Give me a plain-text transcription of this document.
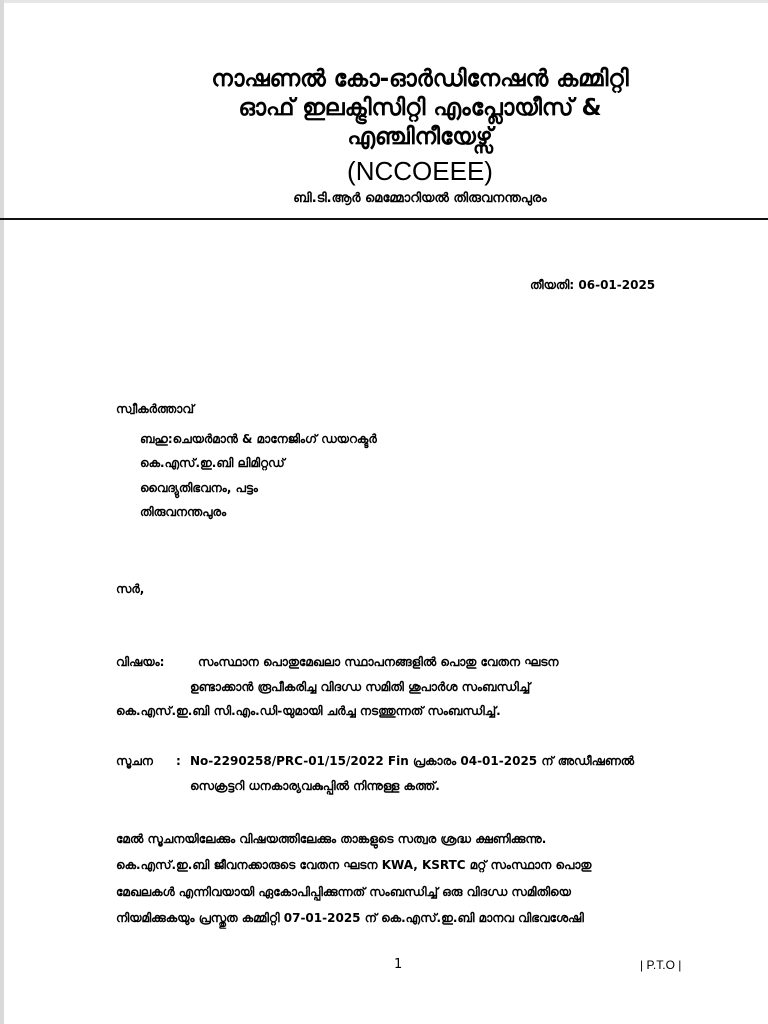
നാഷണൽ കോ-ഓർഡിനേഷൻ കമ്മിറ്റി
ഓഫ് ഇലക്ട്രിസിറ്റി എംപ്ലോയീസ് &
എഞ്ചിനീയേഴ്സ്
(NCCOEEE)
ബി.ടി.ആർ മെമ്മോറിയൽ തിരുവനന്തപുരം
തീയതി: 06-01-2025
സ്വീകർത്താവ്
ബഹു:ചെയർമാൻ & മാനേജിംഗ് ഡയറക്ടർ
കെ.എസ്.ഇ.ബി ലിമിറ്റഡ്
വൈദ്യുതിഭവനം, പട്ടം
തിരുവനന്തപുരം
സർ,
വിഷയം:	സംസ്ഥാന പൊതുമേഖലാ സ്ഥാപനങ്ങളിൽ പൊതു വേതന ഘടന
ഉണ്ടാക്കാൻ രൂപീകരിച്ച വിദഗ്ധ സമിതി ശുപാർശ സംബന്ധിച്ച്
കെ.എസ്.ഇ.ബി സി.എം.ഡി-യുമായി ചർച്ച നടത്തുന്നത് സംബന്ധിച്ച്.
സൂചന : No-2290258/PRC-01/15/2022 Fin പ്രകാരം 04-01-2025 ന് അഡീഷണൽ
സെക്രട്ടറി ധനകാര്യവകുപ്പിൽ നിന്നുള്ള കത്ത്.
മേൽ സൂചനയിലേക്കും വിഷയത്തിലേക്കും താങ്കളുടെ സത്വര ശ്രദ്ധ ക്ഷണിക്കുന്നു.
കെ.എസ്.ഇ.ബി ജീവനക്കാരുടെ വേതന ഘടന KWA, KSRTC മറ്റ് സംസ്ഥാന പൊതു
മേഖലകൾ എന്നിവയായി ഏകോപിപ്പിക്കുന്നത് സംബന്ധിച്ച് ഒരു വിദഗ്ധ സമിതിയെ
നിയമിക്കുകയും പ്രസ്തുത കമ്മിറ്റി 07-01-2025 ന് കെ.എസ്.ഇ.ബി മാനവ വിഭവശേഷി
1	| P.T.O |
